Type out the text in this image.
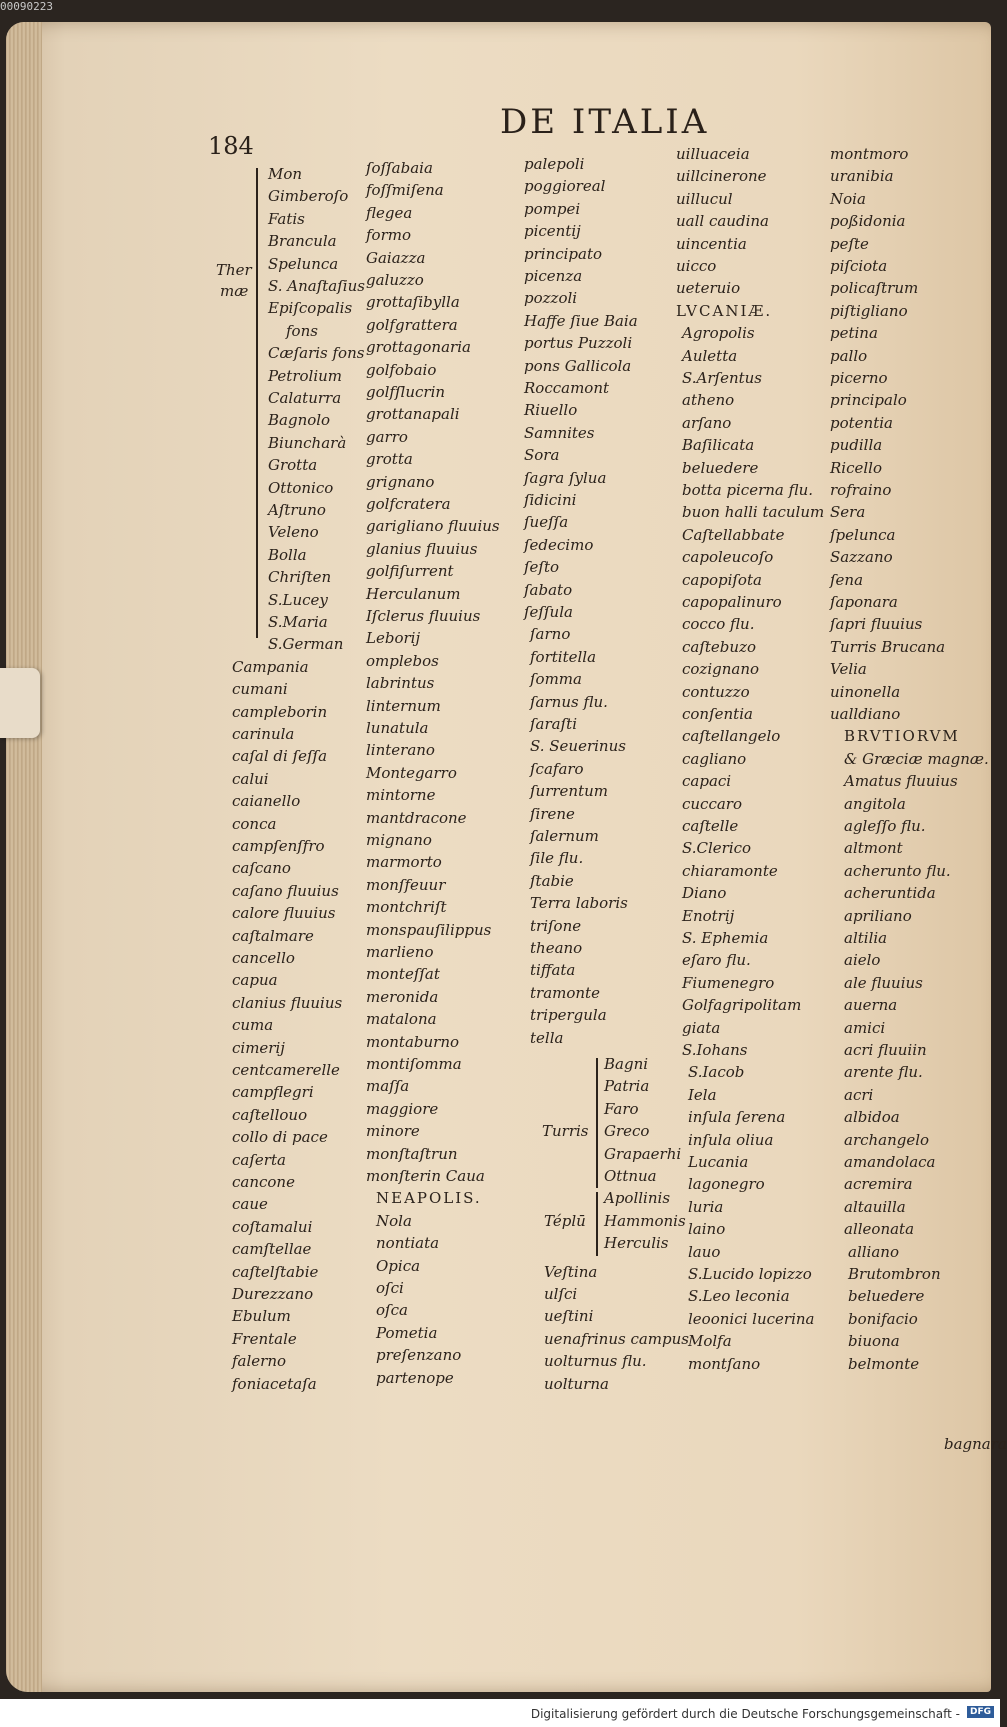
00090223
184
DE ITALIA
Mon
Gimberoſo
Fatis
Brancula
Spelunca
S. Anaſtaſius
Epiſcopalis
fons
Cæſaris fons
Petrolium
Calaturra
Bagnolo
Biuncharà
Grotta
Ottonico
Aſtruno
Veleno
Bolla
Chriſten
S.Lucey
S.Maria
S.German
Campania
cumani
campleborin
carinula
caſal di ſeſſa
calui
caianello
conca
campſenſfro
caſcano
caſano fluuius
calore fluuius
caſtalmare
cancello
capua
clanius fluuius
cuma
cimerij
centcamerelle
campflegri
caſtellouo
collo di pace
caſerta
cancone
caue
coſtamalui
camſtellae
caſtelſtabie
Durezzano
Ebulum
Frentale
falerno
foniacetaſa
Ther
mæ
ſoſſabaia
foſſmiſena
flegea
formo
Gaiazza
galuzzo
grottaſibylla
golfgrattera
grottagonaria
golfobaio
golfſlucrin
grottanapali
garro
grotta
grignano
golfcratera
garigliano fluuius
glanius fluuius
golfiſurrent
Herculanum
Iſclerus fluuius
Leborij
omplebos
labrintus
linternum
lunatula
linterano
Montegarro
mintorne
mantdracone
mignano
marmorto
monſfeuur
montchriſt
monspauſilippus
marlieno
monteſſat
meronida
matalona
montaburno
montiſomma
maſſa
maggiore
minore
monſtaſtrun
monſterin Caua
NEAPOLIS.
Nola
nontiata
Opica
oſci
oſca
Pometia
preſenzano
partenope
palepoli
poggioreal
pompei
picentij
principato
picenza
pozzoli
Haffe ſiue Baia
portus Puzzoli
pons Gallicola
Roccamont
Riuello
Samnites
Sora
ſagra ſylua
ſidicini
ſueſſa
ſedecimo
ſeſto
ſabato
ſeſſula
ſarno
fortitella
ſomma
ſarnus flu.
ſaraſti
S. Seuerinus
ſcafaro
ſurrentum
ſirene
ſalernum
ſile flu.
ſtabie
Terra laboris
triſone
theano
tiffata
tramonte
tripergula
tella
Bagni
Patria
Faro
Greco
Grapaerhi
Ottnua
Turris
Apollinis
Hammonis
Herculis
Téplū
Veſtina
ulſci
ueſtini
uenafrinus campus
uolturnus flu.
uolturna
uilluaceia
uillcinerone
uillucul
uall caudina
uincentia
uicco
ueteruio
LVCANIÆ.
Agropolis
Auletta
S.Arſentus
atheno
arſano
Baſilicata
beluedere
botta picerna flu.
buon halli taculum
Caſtellabbate
capoleucoſo
capopiſota
capopalinuro
cocco flu.
caſtebuzo
cozignano
contuzzo
conſentia
caſtellangelo
cagliano
capaci
cuccaro
caſtelle
S.Clerico
chiaramonte
Diano
Enotrij
S. Ephemia
eſaro flu.
Fiumenegro
Golfagripolitam
giata
S.Iohans
S.Iacob
Iela
inſula ſerena
inſula oliua
Lucania
lagonegro
luria
laino
lauo
S.Lucido lopizzo
S.Leo leconia
leoonici lucerina
Molfa
montſano
montmoro
uranibia
Noia
poßidonia
peſte
piſciota
policaſtrum
piſtigliano
petina
pallo
picerno
principalo
potentia
pudilla
Ricello
rofraino
Sera
ſpelunca
Sazzano
ſena
ſaponara
ſapri fluuius
Turris Brucana
Velia
uinonella
ualldiano
BRVTIORVM
& Græciæ magnæ.
Amatus fluuius
angitola
agleſſo flu.
altmont
acherunto flu.
acheruntida
apriliano
altilia
aielo
ale fluuius
auerna
amici
acri fluuiin
arente flu.
acri
albidoa
archangelo
amandolaca
acremira
altauilla
alleonata
alliano
Brutombron
beluedere
bonifacio
biuona
belmonte
bagnara
Digitalisierung gefördert durch die Deutsche Forschungsgemeinschaft -	DFG
